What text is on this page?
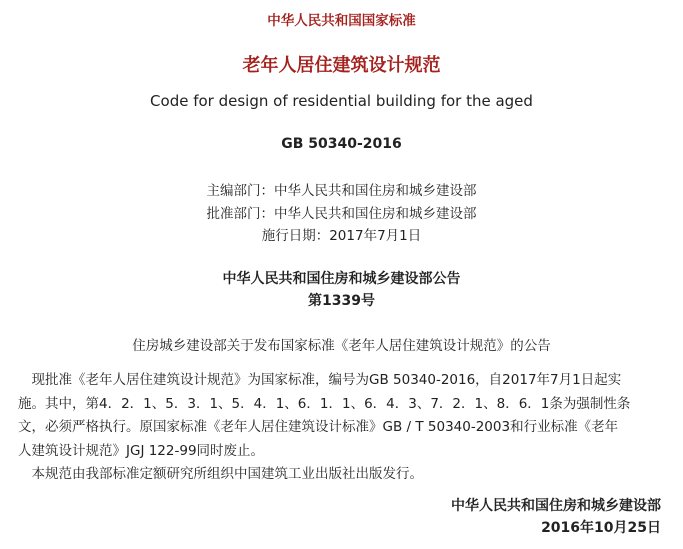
中华人民共和国国家标准
老年人居住建筑设计规范
Code for design of residential building for the aged
GB 50340-2016
主编部门：中华人民共和国住房和城乡建设部
批准部门：中华人民共和国住房和城乡建设部
施行日期：2017年7月1日
中华人民共和国住房和城乡建设部公告
第1339号
住房城乡建设部关于发布国家标准《老年人居住建筑设计规范》的公告
　现批准《老年人居住建筑设计规范》为国家标准，编号为GB 50340-2016，自2017年7月1日起实
施。其中，第4．2．1、5．3．1、5．4．1、6．1．1、6．4．3、7．2．1、8．6．1条为强制性条
文，必须严格执行。原国家标准《老年人居住建筑设计标准》GB / T 50340-2003和行业标准《老年
人建筑设计规范》JGJ 122-99同时废止。
　本规范由我部标准定额研究所组织中国建筑工业出版社出版发行。
中华人民共和国住房和城乡建设部
2016年10月25日
